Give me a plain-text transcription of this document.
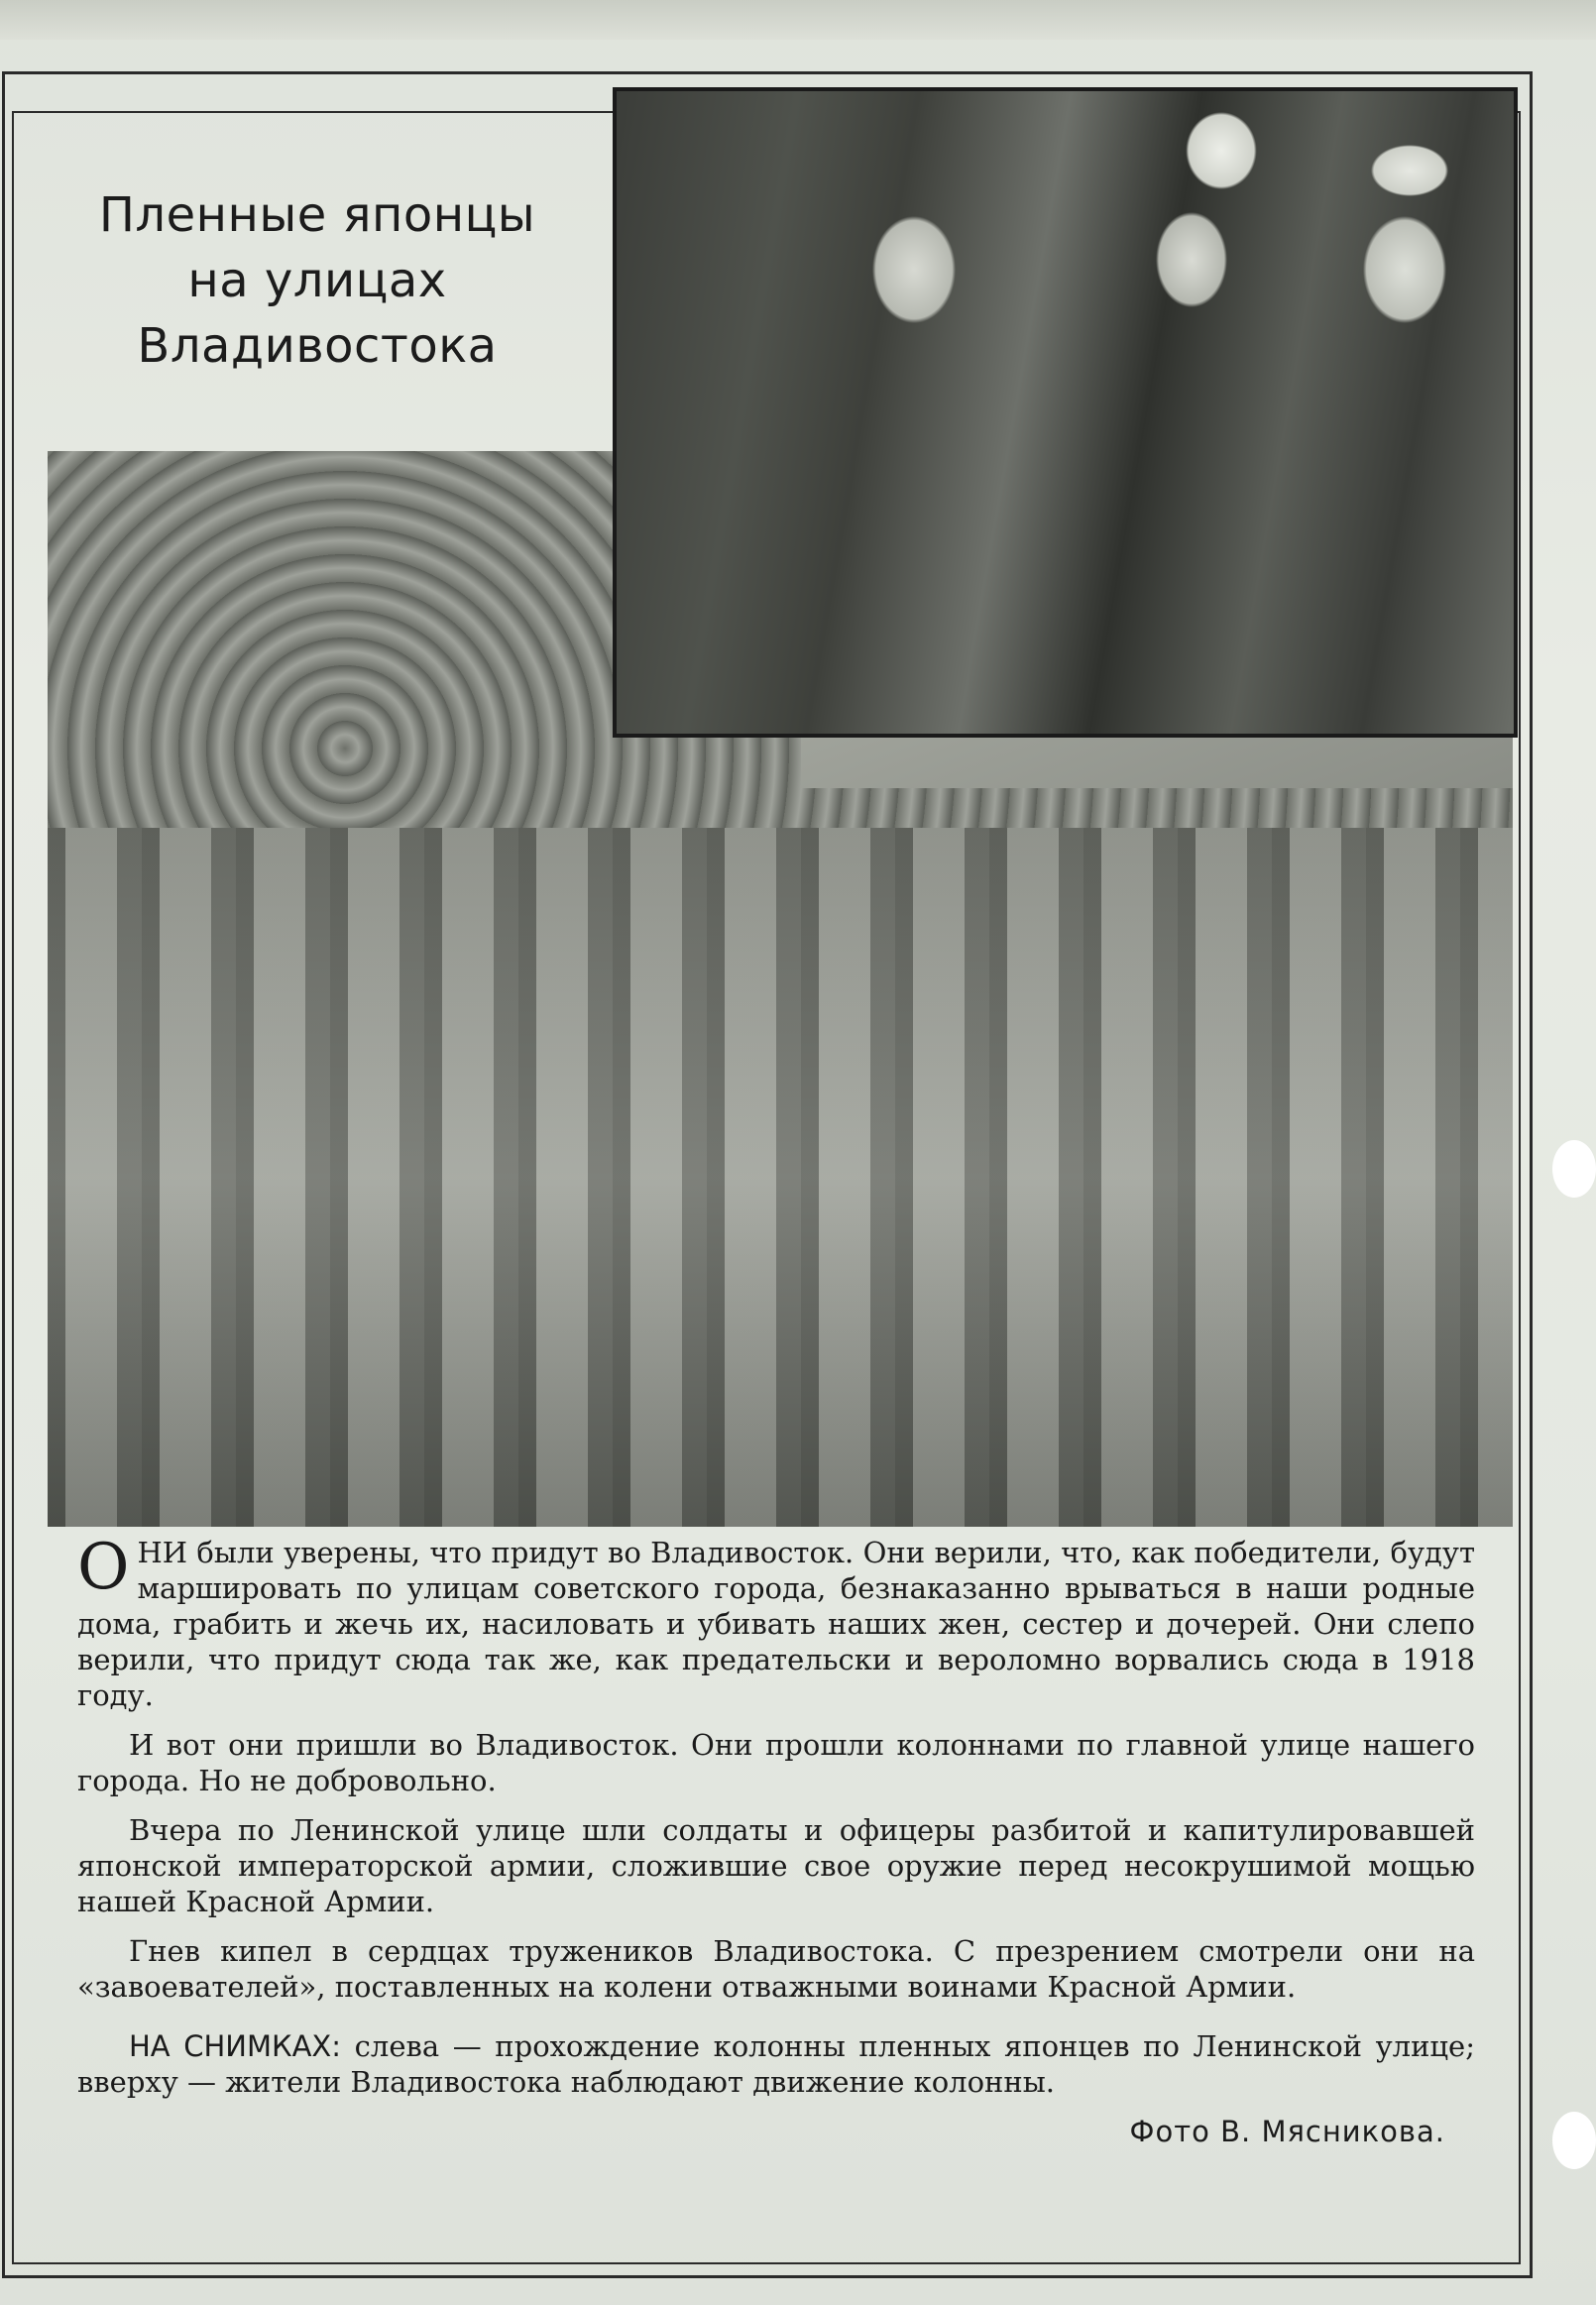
Пленные японцы
на улицах
Владивостока

ОНИ были уверены, что придут во Владивосток. Они верили, что, как победители, будут маршировать по улицам советского города, безнаказанно врываться в наши родные дома, грабить и жечь их, насиловать и убивать наших жен, сестер и дочерей. Они слепо верили, что придут сюда так же, как предательски и вероломно ворвались сюда в 1918 году.

И вот они пришли во Владивосток. Они прошли колоннами по главной улице нашего города. Но не добровольно.

Вчера по Ленинской улице шли солдаты и офицеры разбитой и капитулировавшей японской императорской армии, сложившие свое оружие перед несокрушимой мощью нашей Красной Армии.

Гнев кипел в сердцах тружеников Владивостока. С презрением смотрели они на «завоевателей», поставленных на колени отважными воинами Красной Армии.

НА СНИМКАХ: слева — прохождение колонны пленных японцев по Ленинской улице; вверху — жители Владивостока наблюдают движение колонны.

Фото В. Мясникова.
